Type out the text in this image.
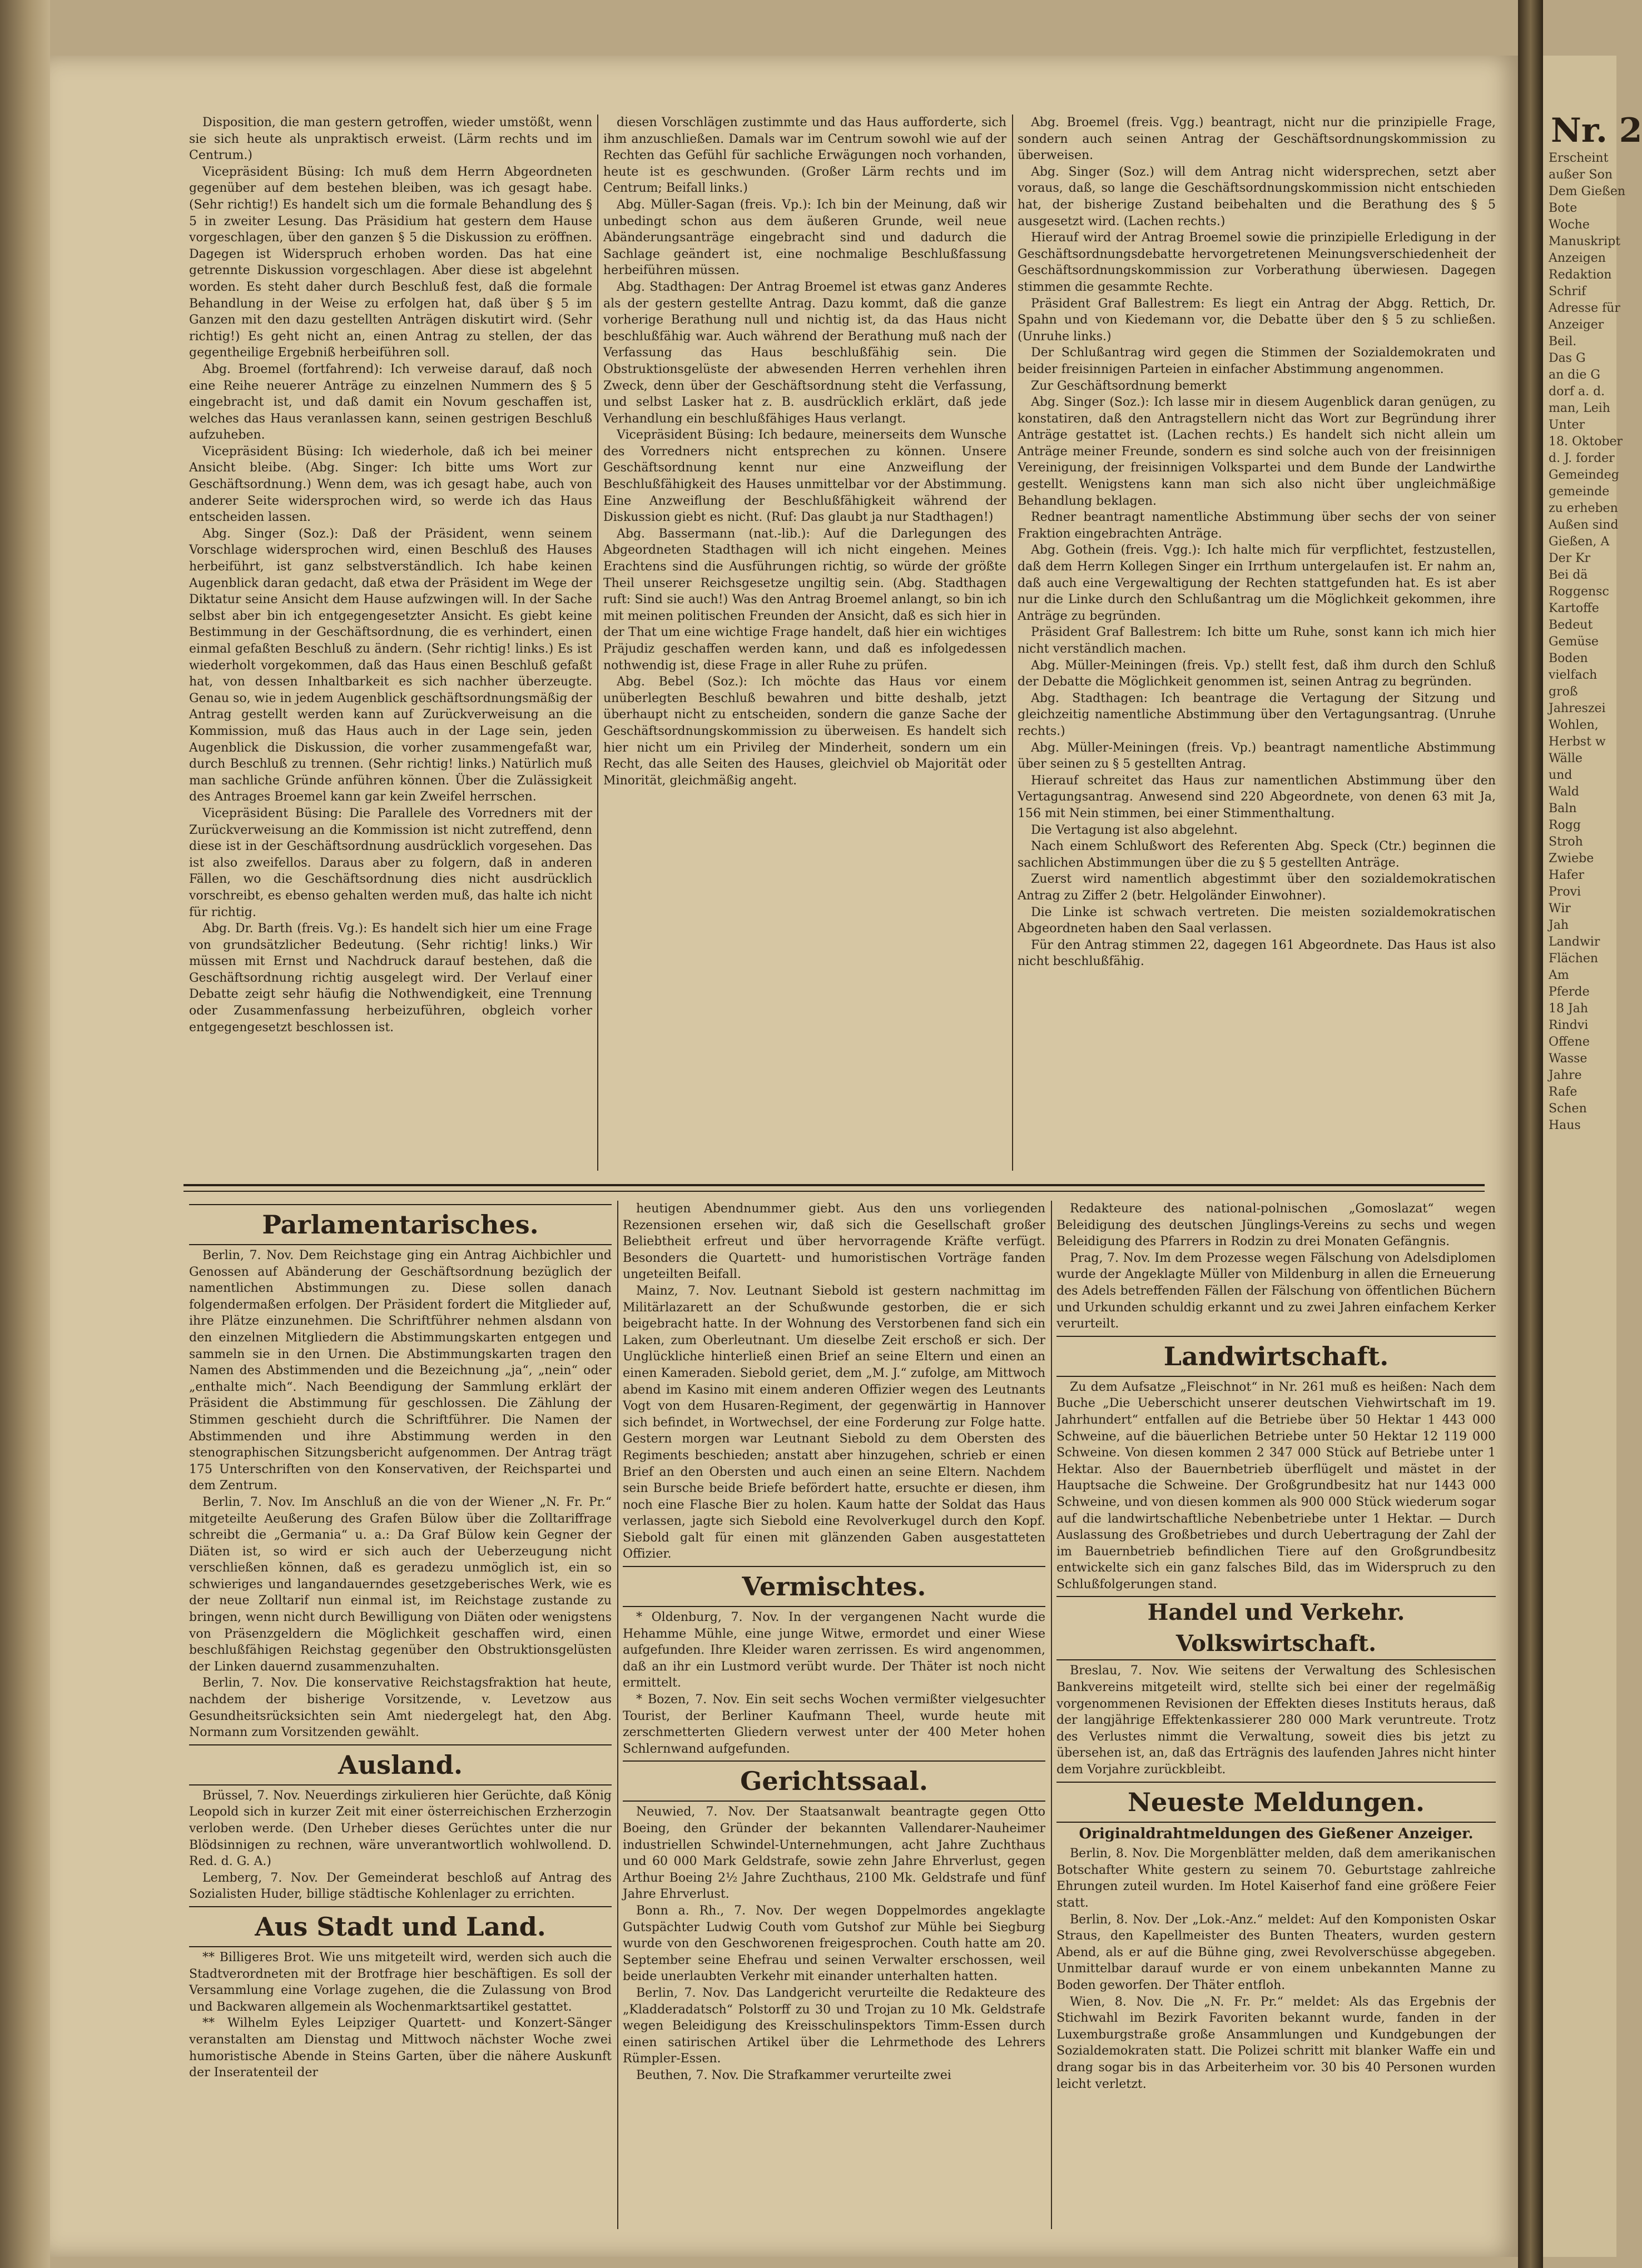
Nr. 2
Erscheint
außer Son
Dem Gießen
Bote
Woche
Manuskript
Anzeigen
Redaktion
Schrif
Adresse für
Anzeiger
Beil.
Das G
an die G
dorf a. d.
man, Leih
Unter
18. Oktober
d. J. forder
Gemeindeg
gemeinde
zu erheben
Außen sind
Gießen, A
Der Kr
Bei dä
Roggensc
Kartoffe
Bedeut
Gemüse
Boden
vielfach
groß
Jahreszei
Wohlen,
Herbst w
Wälle
und
Wald
Baln
Rogg
Stroh
Zwiebe
Hafer
Provi
Wir
Jah
Landwir
Flächen
Am
Pferde
18 Jah
Rindvi
Offene
Wasse
Jahre
Rafe
Schen
Haus

Disposition, die man gestern getroffen, wieder umstößt, wenn sie sich heute als unpraktisch erweist. (Lärm rechts und im Centrum.)

Vicepräsident Büsing: Ich muß dem Herrn Abgeordneten gegenüber auf dem bestehen bleiben, was ich gesagt habe. (Sehr richtig!) Es handelt sich um die formale Behandlung des § 5 in zweiter Lesung. Das Präsidium hat gestern dem Hause vorgeschlagen, über den ganzen § 5 die Diskussion zu eröffnen. Dagegen ist Widerspruch erhoben worden. Das hat eine getrennte Diskussion vorgeschlagen. Aber diese ist abgelehnt worden. Es steht daher durch Beschluß fest, daß die formale Behandlung in der Weise zu erfolgen hat, daß über § 5 im Ganzen mit den dazu gestellten Anträgen diskutirt wird. (Sehr richtig!) Es geht nicht an, einen Antrag zu stellen, der das gegentheilige Ergebniß herbeiführen soll.

Abg. Broemel (fortfahrend): Ich verweise darauf, daß noch eine Reihe neuerer Anträge zu einzelnen Nummern des § 5 eingebracht ist, und daß damit ein Novum geschaffen ist, welches das Haus veranlassen kann, seinen gestrigen Beschluß aufzuheben.

Vicepräsident Büsing: Ich wiederhole, daß ich bei meiner Ansicht bleibe. (Abg. Singer: Ich bitte ums Wort zur Geschäftsordnung.) Wenn dem, was ich gesagt habe, auch von anderer Seite widersprochen wird, so werde ich das Haus entscheiden lassen.

Abg. Singer (Soz.): Daß der Präsident, wenn seinem Vorschlage widersprochen wird, einen Beschluß des Hauses herbeiführt, ist ganz selbstverständlich. Ich habe keinen Augenblick daran gedacht, daß etwa der Präsident im Wege der Diktatur seine Ansicht dem Hause aufzwingen will. In der Sache selbst aber bin ich entgegengesetzter Ansicht. Es giebt keine Bestimmung in der Geschäftsordnung, die es verhindert, einen einmal gefaßten Beschluß zu ändern. (Sehr richtig! links.) Es ist wiederholt vorgekommen, daß das Haus einen Beschluß gefaßt hat, von dessen Inhaltbarkeit es sich nachher überzeugte. Genau so, wie in jedem Augenblick geschäftsordnungsmäßig der Antrag gestellt werden kann auf Zurückverweisung an die Kommission, muß das Haus auch in der Lage sein, jeden Augenblick die Diskussion, die vorher zusammengefaßt war, durch Beschluß zu trennen. (Sehr richtig! links.) Natürlich muß man sachliche Gründe anführen können. Über die Zulässigkeit des Antrages Broemel kann gar kein Zweifel herrschen.

Vicepräsident Büsing: Die Parallele des Vorredners mit der Zurückverweisung an die Kommission ist nicht zutreffend, denn diese ist in der Geschäftsordnung ausdrücklich vorgesehen. Das ist also zweifellos. Daraus aber zu folgern, daß in anderen Fällen, wo die Geschäftsordnung dies nicht ausdrücklich vorschreibt, es ebenso gehalten werden muß, das halte ich nicht für richtig.

Abg. Dr. Barth (freis. Vg.): Es handelt sich hier um eine Frage von grundsätzlicher Bedeutung. (Sehr richtig! links.) Wir müssen mit Ernst und Nachdruck darauf bestehen, daß die Geschäftsordnung richtig ausgelegt wird. Der Verlauf einer Debatte zeigt sehr häufig die Nothwendigkeit, eine Trennung oder Zusammenfassung herbeizuführen, obgleich vorher entgegengesetzt beschlossen ist.

diesen Vorschlägen zustimmte und das Haus aufforderte, sich ihm anzuschließen. Damals war im Centrum sowohl wie auf der Rechten das Gefühl für sachliche Erwägungen noch vorhanden, heute ist es geschwunden. (Großer Lärm rechts und im Centrum; Beifall links.)

Abg. Müller-Sagan (freis. Vp.): Ich bin der Meinung, daß wir unbedingt schon aus dem äußeren Grunde, weil neue Abänderungsanträge eingebracht sind und dadurch die Sachlage geändert ist, eine nochmalige Beschlußfassung herbeiführen müssen.

Abg. Stadthagen: Der Antrag Broemel ist etwas ganz Anderes als der gestern gestellte Antrag. Dazu kommt, daß die ganze vorherige Berathung null und nichtig ist, da das Haus nicht beschlußfähig war. Auch während der Berathung muß nach der Verfassung das Haus beschlußfähig sein. Die Obstruktionsgelüste der abwesenden Herren verhehlen ihren Zweck, denn über der Geschäftsordnung steht die Verfassung, und selbst Lasker hat z. B. ausdrücklich erklärt, daß jede Verhandlung ein beschlußfähiges Haus verlangt.

Vicepräsident Büsing: Ich bedaure, meinerseits dem Wunsche des Vorredners nicht entsprechen zu können. Unsere Geschäftsordnung kennt nur eine Anzweiflung der Beschlußfähigkeit des Hauses unmittelbar vor der Abstimmung. Eine Anzweiflung der Beschlußfähigkeit während der Diskussion giebt es nicht. (Ruf: Das glaubt ja nur Stadthagen!)

Abg. Bassermann (nat.-lib.): Auf die Darlegungen des Abgeordneten Stadthagen will ich nicht eingehen. Meines Erachtens sind die Ausführungen richtig, so würde der größte Theil unserer Reichsgesetze ungiltig sein. (Abg. Stadthagen ruft: Sind sie auch!) Was den Antrag Broemel anlangt, so bin ich mit meinen politischen Freunden der Ansicht, daß es sich hier in der That um eine wichtige Frage handelt, daß hier ein wichtiges Präjudiz geschaffen werden kann, und daß es infolgedessen nothwendig ist, diese Frage in aller Ruhe zu prüfen.

Abg. Bebel (Soz.): Ich möchte das Haus vor einem unüberlegten Beschluß bewahren und bitte deshalb, jetzt überhaupt nicht zu entscheiden, sondern die ganze Sache der Geschäftsordnungskommission zu überweisen. Es handelt sich hier nicht um ein Privileg der Minderheit, sondern um ein Recht, das alle Seiten des Hauses, gleichviel ob Majorität oder Minorität, gleichmäßig angeht.

Abg. Broemel (freis. Vgg.) beantragt, nicht nur die prinzipielle Frage, sondern auch seinen Antrag der Geschäftsordnungskommission zu überweisen.

Abg. Singer (Soz.) will dem Antrag nicht widersprechen, setzt aber voraus, daß, so lange die Geschäftsordnungskommission nicht entschieden hat, der bisherige Zustand beibehalten und die Berathung des § 5 ausgesetzt wird. (Lachen rechts.)

Hierauf wird der Antrag Broemel sowie die prinzipielle Erledigung in der Geschäftsordnungsdebatte hervorgetretenen Meinungsverschiedenheit der Geschäftsordnungskommission zur Vorberathung überwiesen. Dagegen stimmen die gesammte Rechte.

Präsident Graf Ballestrem: Es liegt ein Antrag der Abgg. Rettich, Dr. Spahn und von Kiedemann vor, die Debatte über den § 5 zu schließen. (Unruhe links.)

Der Schlußantrag wird gegen die Stimmen der Sozialdemokraten und beider freisinnigen Parteien in einfacher Abstimmung angenommen.

Zur Geschäftsordnung bemerkt

Abg. Singer (Soz.): Ich lasse mir in diesem Augenblick daran genügen, zu konstatiren, daß den Antragstellern nicht das Wort zur Begründung ihrer Anträge gestattet ist. (Lachen rechts.) Es handelt sich nicht allein um Anträge meiner Freunde, sondern es sind solche auch von der freisinnigen Vereinigung, der freisinnigen Volkspartei und dem Bunde der Landwirthe gestellt. Wenigstens kann man sich also nicht über ungleichmäßige Behandlung beklagen.

Redner beantragt namentliche Abstimmung über sechs der von seiner Fraktion eingebrachten Anträge.

Abg. Gothein (freis. Vgg.): Ich halte mich für verpflichtet, festzustellen, daß dem Herrn Kollegen Singer ein Irrthum untergelaufen ist. Er nahm an, daß auch eine Vergewaltigung der Rechten stattgefunden hat. Es ist aber nur die Linke durch den Schlußantrag um die Möglichkeit gekommen, ihre Anträge zu begründen.

Präsident Graf Ballestrem: Ich bitte um Ruhe, sonst kann ich mich hier nicht verständlich machen.

Abg. Müller-Meiningen (freis. Vp.) stellt fest, daß ihm durch den Schluß der Debatte die Möglichkeit genommen ist, seinen Antrag zu begründen.

Abg. Stadthagen: Ich beantrage die Vertagung der Sitzung und gleichzeitig namentliche Abstimmung über den Vertagungsantrag. (Unruhe rechts.)

Abg. Müller-Meiningen (freis. Vp.) beantragt namentliche Abstimmung über seinen zu § 5 gestellten Antrag.

Hierauf schreitet das Haus zur namentlichen Abstimmung über den Vertagungsantrag. Anwesend sind 220 Abgeordnete, von denen 63 mit Ja, 156 mit Nein stimmen, bei einer Stimmenthaltung.

Die Vertagung ist also abgelehnt.

Nach einem Schlußwort des Referenten Abg. Speck (Ctr.) beginnen die sachlichen Abstimmungen über die zu § 5 gestellten Anträge.

Zuerst wird namentlich abgestimmt über den sozialdemokratischen Antrag zu Ziffer 2 (betr. Helgoländer Einwohner).

Die Linke ist schwach vertreten. Die meisten sozialdemokratischen Abgeordneten haben den Saal verlassen.

Für den Antrag stimmen 22, dagegen 161 Abgeordnete. Das Haus ist also nicht beschlußfähig.

Parlamentarisches.

Berlin, 7. Nov. Dem Reichstage ging ein Antrag Aichbichler und Genossen auf Abänderung der Geschäftsordnung bezüglich der namentlichen Abstimmungen zu. Diese sollen danach folgendermaßen erfolgen. Der Präsident fordert die Mitglieder auf, ihre Plätze einzunehmen. Die Schriftführer nehmen alsdann von den einzelnen Mitgliedern die Abstimmungskarten entgegen und sammeln sie in den Urnen. Die Abstimmungskarten tragen den Namen des Abstimmenden und die Bezeichnung „ja“, „nein“ oder „enthalte mich“. Nach Beendigung der Sammlung erklärt der Präsident die Abstimmung für geschlossen. Die Zählung der Stimmen geschieht durch die Schriftführer. Die Namen der Abstimmenden und ihre Abstimmung werden in den stenographischen Sitzungsbericht aufgenommen. Der Antrag trägt 175 Unterschriften von den Konservativen, der Reichspartei und dem Zentrum.

Berlin, 7. Nov. Im Anschluß an die von der Wiener „N. Fr. Pr.“ mitgeteilte Aeußerung des Grafen Bülow über die Zolltariffrage schreibt die „Germania“ u. a.: Da Graf Bülow kein Gegner der Diäten ist, so wird er sich auch der Ueberzeugung nicht verschließen können, daß es geradezu unmöglich ist, ein so schwieriges und langandauerndes gesetzgeberisches Werk, wie es der neue Zolltarif nun einmal ist, im Reichstage zustande zu bringen, wenn nicht durch Bewilligung von Diäten oder wenigstens von Präsenzgeldern die Möglichkeit geschaffen wird, einen beschlußfähigen Reichstag gegenüber den Obstruktionsgelüsten der Linken dauernd zusammenzuhalten.

Berlin, 7. Nov. Die konservative Reichstagsfraktion hat heute, nachdem der bisherige Vorsitzende, v. Levetzow aus Gesundheitsrücksichten sein Amt niedergelegt hat, den Abg. Normann zum Vorsitzenden gewählt.

Ausland.

Brüssel, 7. Nov. Neuerdings zirkulieren hier Gerüchte, daß König Leopold sich in kurzer Zeit mit einer österreichischen Erzherzogin verloben werde. (Den Urheber dieses Gerüchtes unter die nur Blödsinnigen zu rechnen, wäre unverantwortlich wohlwollend. D. Red. d. G. A.)

Lemberg, 7. Nov. Der Gemeinderat beschloß auf Antrag des Sozialisten Huder, billige städtische Kohlenlager zu errichten.

Aus Stadt und Land.

** Billigeres Brot. Wie uns mitgeteilt wird, werden sich auch die Stadtverordneten mit der Brotfrage hier beschäftigen. Es soll der Versammlung eine Vorlage zugehen, die die Zulassung von Brod und Backwaren allgemein als Wochenmarktsartikel gestattet.

** Wilhelm Eyles Leipziger Quartett- und Konzert-Sänger veranstalten am Dienstag und Mittwoch nächster Woche zwei humoristische Abende in Steins Garten, über die nähere Auskunft der Inseratenteil der

heutigen Abendnummer giebt. Aus den uns vorliegenden Rezensionen ersehen wir, daß sich die Gesellschaft großer Beliebtheit erfreut und über hervorragende Kräfte verfügt. Besonders die Quartett- und humoristischen Vorträge fanden ungeteilten Beifall.

Mainz, 7. Nov. Leutnant Siebold ist gestern nachmittag im Militärlazarett an der Schußwunde gestorben, die er sich beigebracht hatte. In der Wohnung des Verstorbenen fand sich ein Laken, zum Oberleutnant. Um dieselbe Zeit erschoß er sich. Der Unglückliche hinterließ einen Brief an seine Eltern und einen an einen Kameraden. Siebold geriet, dem „M. J.“ zufolge, am Mittwoch abend im Kasino mit einem anderen Offizier wegen des Leutnants Vogt von dem Husaren-Regiment, der gegenwärtig in Hannover sich befindet, in Wortwechsel, der eine Forderung zur Folge hatte. Gestern morgen war Leutnant Siebold zu dem Obersten des Regiments beschieden; anstatt aber hinzugehen, schrieb er einen Brief an den Obersten und auch einen an seine Eltern. Nachdem sein Bursche beide Briefe befördert hatte, ersuchte er diesen, ihm noch eine Flasche Bier zu holen. Kaum hatte der Soldat das Haus verlassen, jagte sich Siebold eine Revolverkugel durch den Kopf. Siebold galt für einen mit glänzenden Gaben ausgestatteten Offizier.

Vermischtes.

* Oldenburg, 7. Nov. In der vergangenen Nacht wurde die Hehamme Mühle, eine junge Witwe, ermordet und einer Wiese aufgefunden. Ihre Kleider waren zerrissen. Es wird angenommen, daß an ihr ein Lustmord verübt wurde. Der Thäter ist noch nicht ermittelt.

* Bozen, 7. Nov. Ein seit sechs Wochen vermißter vielgesuchter Tourist, der Berliner Kaufmann Theel, wurde heute mit zerschmetterten Gliedern verwest unter der 400 Meter hohen Schlernwand aufgefunden.

Gerichtssaal.

Neuwied, 7. Nov. Der Staatsanwalt beantragte gegen Otto Boeing, den Gründer der bekannten Vallendarer-Nauheimer industriellen Schwindel-Unternehmungen, acht Jahre Zuchthaus und 60 000 Mark Geldstrafe, sowie zehn Jahre Ehrverlust, gegen Arthur Boeing 2½ Jahre Zuchthaus, 2100 Mk. Geldstrafe und fünf Jahre Ehrverlust.

Bonn a. Rh., 7. Nov. Der wegen Doppelmordes angeklagte Gutspächter Ludwig Couth vom Gutshof zur Mühle bei Siegburg wurde von den Geschworenen freigesprochen. Couth hatte am 20. September seine Ehefrau und seinen Verwalter erschossen, weil beide unerlaubten Verkehr mit einander unterhalten hatten.

Berlin, 7. Nov. Das Landgericht verurteilte die Redakteure des „Kladderadatsch“ Polstorff zu 30 und Trojan zu 10 Mk. Geldstrafe wegen Beleidigung des Kreisschulinspektors Timm-Essen durch einen satirischen Artikel über die Lehrmethode des Lehrers Rümpler-Essen.

Beuthen, 7. Nov. Die Strafkammer verurteilte zwei

Redakteure des national-polnischen „Gomoslazat“ wegen Beleidigung des deutschen Jünglings-Vereins zu sechs und wegen Beleidigung des Pfarrers in Rodzin zu drei Monaten Gefängnis.

Prag, 7. Nov. Im dem Prozesse wegen Fälschung von Adelsdiplomen wurde der Angeklagte Müller von Mildenburg in allen die Erneuerung des Adels betreffenden Fällen der Fälschung von öffentlichen Büchern und Urkunden schuldig erkannt und zu zwei Jahren einfachem Kerker verurteilt.

Landwirtschaft.

Zu dem Aufsatze „Fleischnot“ in Nr. 261 muß es heißen: Nach dem Buche „Die Ueberschicht unserer deutschen Viehwirtschaft im 19. Jahrhundert“ entfallen auf die Betriebe über 50 Hektar 1 443 000 Schweine, auf die bäuerlichen Betriebe unter 50 Hektar 12 119 000 Schweine. Von diesen kommen 2 347 000 Stück auf Betriebe unter 1 Hektar. Also der Bauernbetrieb überflügelt und mästet in der Hauptsache die Schweine. Der Großgrundbesitz hat nur 1443 000 Schweine, und von diesen kommen als 900 000 Stück wiederum sogar auf die landwirtschaftliche Nebenbetriebe unter 1 Hektar. — Durch Auslassung des Großbetriebes und durch Uebertragung der Zahl der im Bauernbetrieb befindlichen Tiere auf den Großgrundbesitz entwickelte sich ein ganz falsches Bild, das im Widerspruch zu den Schlußfolgerungen stand.

Handel und Verkehr. Volkswirtschaft.

Breslau, 7. Nov. Wie seitens der Verwaltung des Schlesischen Bankvereins mitgeteilt wird, stellte sich bei einer der regelmäßig vorgenommenen Revisionen der Effekten dieses Instituts heraus, daß der langjährige Effektenkassierer 280 000 Mark veruntreute. Trotz des Verlustes nimmt die Verwaltung, soweit dies bis jetzt zu übersehen ist, an, daß das Erträgnis des laufenden Jahres nicht hinter dem Vorjahre zurückbleibt.

Neueste Meldungen.
Originaldrahtmeldungen des Gießener Anzeiger.

Berlin, 8. Nov. Die Morgenblätter melden, daß dem amerikanischen Botschafter White gestern zu seinem 70. Geburtstage zahlreiche Ehrungen zuteil wurden. Im Hotel Kaiserhof fand eine größere Feier statt.

Berlin, 8. Nov. Der „Lok.-Anz.“ meldet: Auf den Komponisten Oskar Straus, den Kapellmeister des Bunten Theaters, wurden gestern Abend, als er auf die Bühne ging, zwei Revolverschüsse abgegeben. Unmittelbar darauf wurde er von einem unbekannten Manne zu Boden geworfen. Der Thäter entfloh.

Wien, 8. Nov. Die „N. Fr. Pr.“ meldet: Als das Ergebnis der Stichwahl im Bezirk Favoriten bekannt wurde, fanden in der Luxemburgstraße große Ansammlungen und Kundgebungen der Sozialdemokraten statt. Die Polizei schritt mit blanker Waffe ein und drang sogar bis in das Arbeiterheim vor. 30 bis 40 Personen wurden leicht verletzt.
